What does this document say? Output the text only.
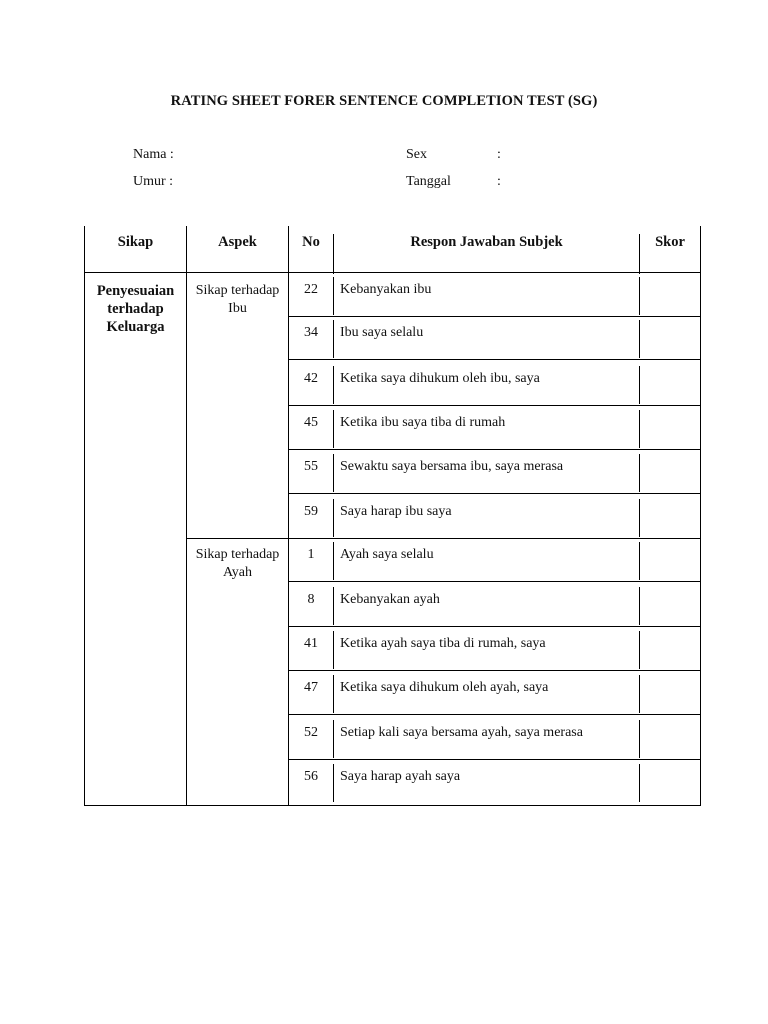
RATING SHEET FORER SENTENCE COMPLETION TEST (SG)
Nama :
Umur :
Sex	:
Tanggal	:
Sikap	Aspek	No	Respon Jawaban Subjek	Skor
Penyesuaian
terhadap
Keluarga
Sikap terhadap
Ibu
Sikap terhadap
Ayah
22	Kebanyakan ibu
34	Ibu saya selalu
42	Ketika saya dihukum oleh ibu, saya
45	Ketika ibu saya tiba di rumah
55	Sewaktu saya bersama ibu, saya merasa
59	Saya harap ibu saya
1	Ayah saya selalu
8	Kebanyakan ayah
41	Ketika ayah saya tiba di rumah, saya
47	Ketika saya dihukum oleh ayah, saya
52	Setiap kali saya bersama ayah, saya merasa
56	Saya harap ayah saya
